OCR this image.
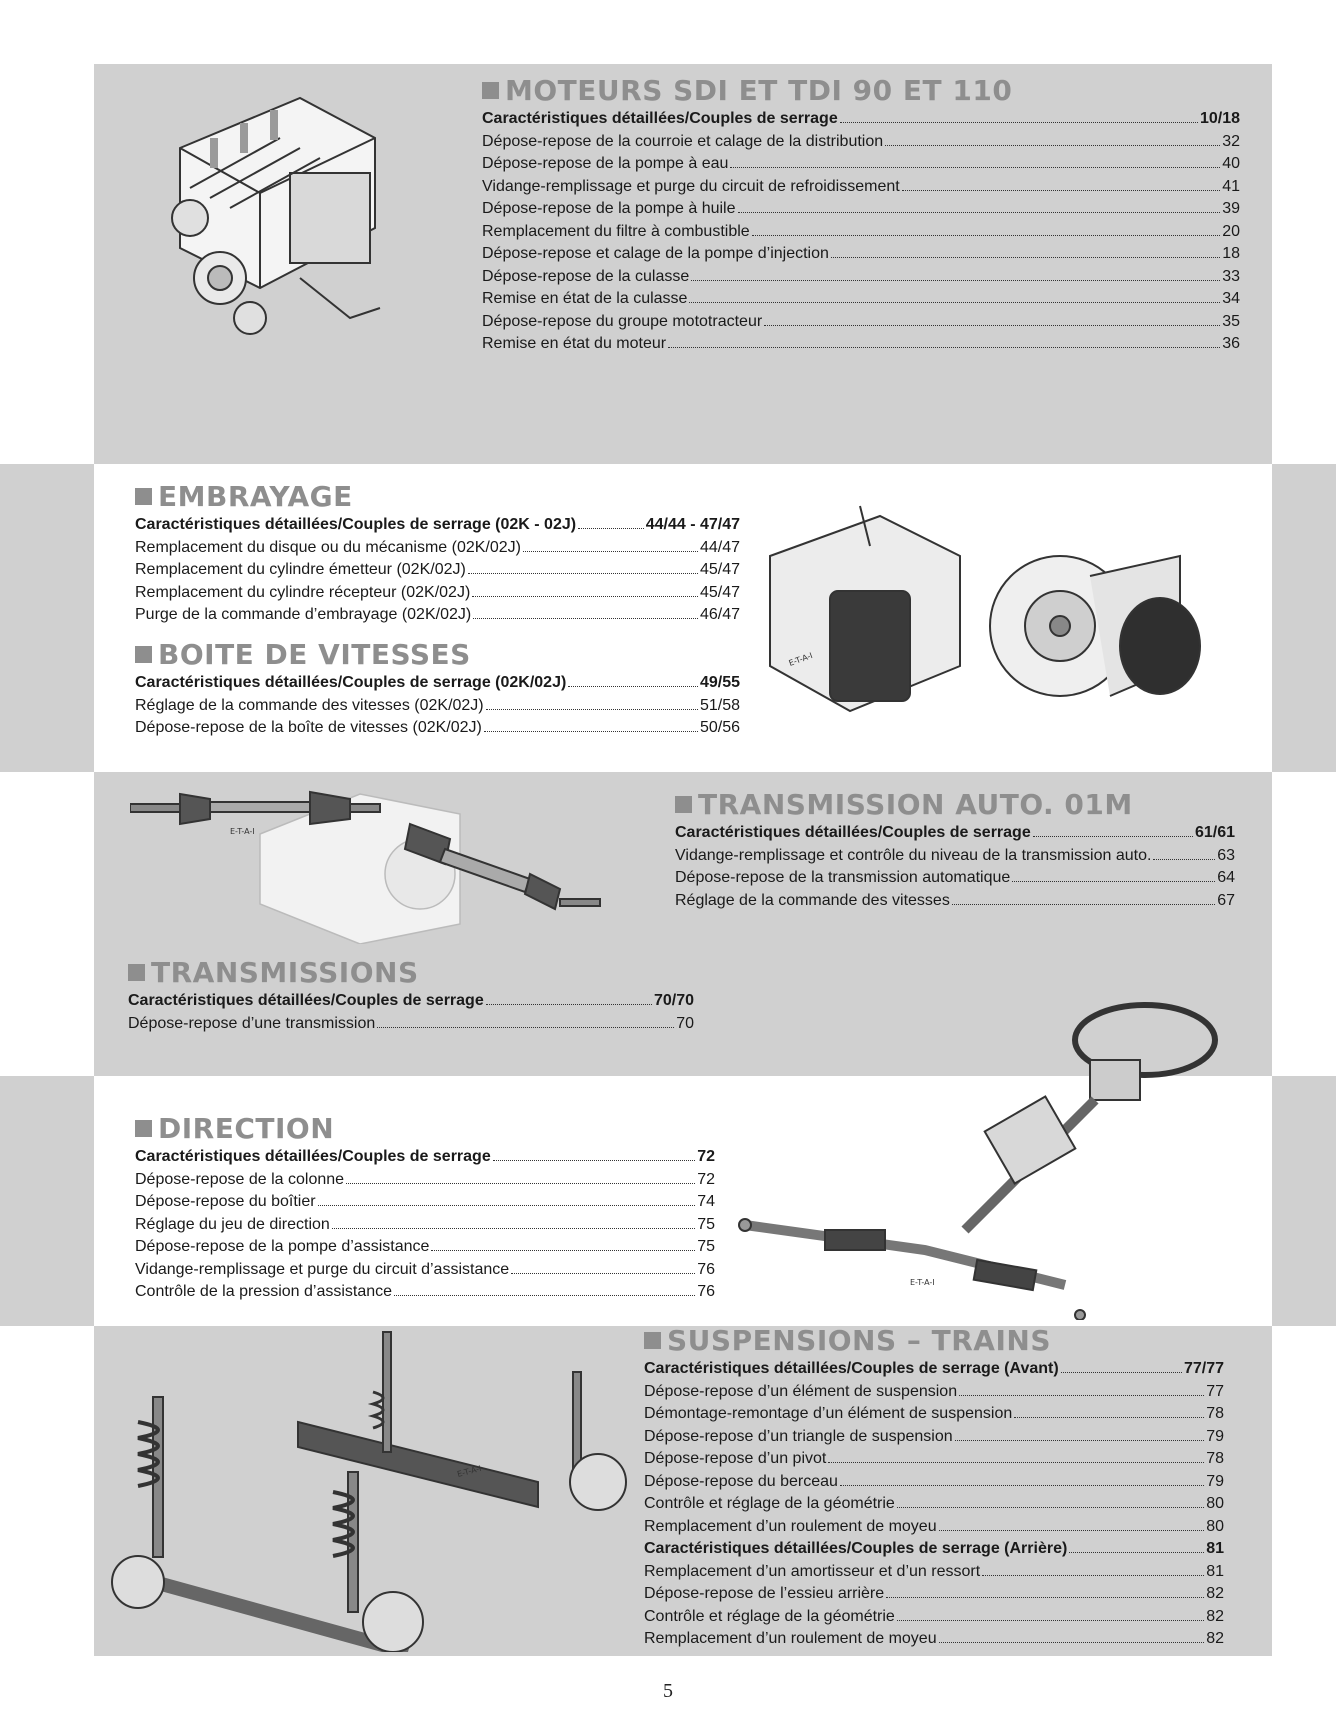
E-T-A-I
E-T-A-I
E-T-A-I
E-T-A-I
MOTEURS SDI ET TDI 90 ET 110
Caractéristiques détaillées/Couples de serrage	10/18
Dépose-repose de la courroie et calage de la distribution	32
Dépose-repose de la pompe à eau	40
Vidange-remplissage et purge du circuit de refroidissement	41
Dépose-repose de la pompe à huile	39
Remplacement du filtre à combustible	20
Dépose-repose et calage de la pompe d’injection	18
Dépose-repose de la culasse	33
Remise en état de la culasse	34
Dépose-repose du groupe mototracteur	35
Remise en état du moteur	36
EMBRAYAGE
Caractéristiques détaillées/Couples de serrage (02K - 02J)	44/44 - 47/47
Remplacement du disque ou du mécanisme (02K/02J)	44/47
Remplacement du cylindre émetteur (02K/02J)	45/47
Remplacement du cylindre récepteur (02K/02J)	45/47
Purge de la commande d’embrayage (02K/02J)	46/47
BOITE DE VITESSES
Caractéristiques détaillées/Couples de serrage (02K/02J)	49/55
Réglage de la commande des vitesses (02K/02J)	51/58
Dépose-repose de la boîte de vitesses (02K/02J)	50/56
TRANSMISSION AUTO. 01M
Caractéristiques détaillées/Couples de serrage	61/61
Vidange-remplissage et contrôle du niveau de la transmission auto.	63
Dépose-repose de la transmission automatique	64
Réglage de la commande des vitesses	67
TRANSMISSIONS
Caractéristiques détaillées/Couples de serrage	70/70
Dépose-repose d’une transmission	70
DIRECTION
Caractéristiques détaillées/Couples de serrage	72
Dépose-repose de la colonne	72
Dépose-repose du boîtier	74
Réglage du jeu de direction	75
Dépose-repose de la pompe d’assistance	75
Vidange-remplissage et purge du circuit d’assistance	76
Contrôle de la pression d’assistance	76
SUSPENSIONS – TRAINS
Caractéristiques détaillées/Couples de serrage (Avant)	77/77
Dépose-repose d’un élément de suspension	77
Démontage-remontage d’un élément de suspension	78
Dépose-repose d’un triangle de suspension	79
Dépose-repose d’un pivot	78
Dépose-repose du berceau	79
Contrôle et réglage de la géométrie	80
Remplacement d’un roulement de moyeu	80
Caractéristiques détaillées/Couples de serrage (Arrière)	81
Remplacement d’un amortisseur et d’un ressort	81
Dépose-repose de l’essieu arrière	82
Contrôle et réglage de la géométrie	82
Remplacement d’un roulement de moyeu	82
5
